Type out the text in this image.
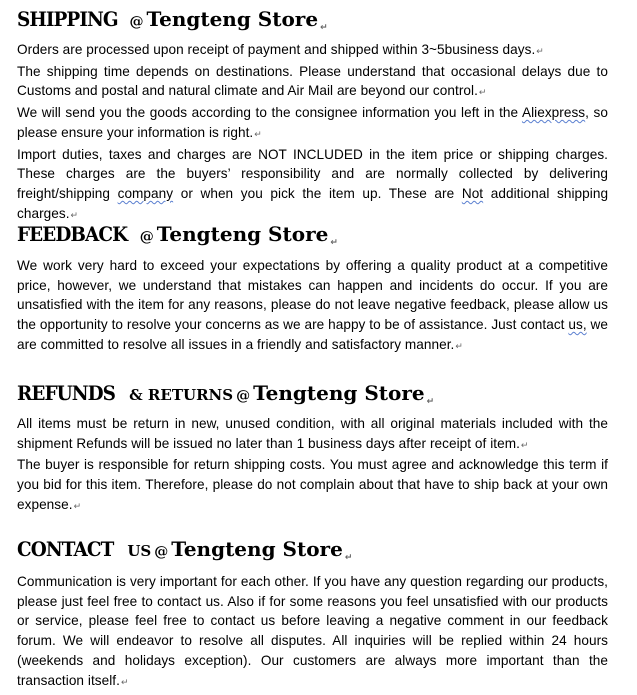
SHIPPING @ Tengteng Store $_↵$

Orders are processed upon receipt of payment and shipped within 3~5business days.↵

The shipping time depends on destinations. Please understand that occasional delays due to Customs and postal and natural climate and Air Mail are beyond our control.↵

We will send you the goods according to the consignee information you left in the Aliexpress, so please ensure your information is right.↵

Import duties, taxes and charges are NOT INCLUDED in the item price or shipping charges. These charges are the buyers’ responsibility and are normally collected by delivering freight/shipping company or when you pick the item up. These are Not additional shipping charges.↵

FEEDBACK @ Tengteng Store $_↵$

We work very hard to exceed your expectations by offering a quality product at a competitive price, however, we understand that mistakes can happen and incidents do occur. If you are unsatisfied with the item for any reasons, please do not leave negative feedback, please allow us the opportunity to resolve your concerns as we are happy to be of assistance. Just contact us, we are committed to resolve all issues in a friendly and satisfactory manner.↵

REFUNDS & RETURNS @ Tengteng Store $_↵$

All items must be return in new, unused condition, with all original materials included with the shipment Refunds will be issued no later than 1 business days after receipt of item.↵

The buyer is responsible for return shipping costs. You must agree and acknowledge this term if you bid for this item. Therefore, please do not complain about that have to ship back at your own expense.↵

CONTACT US @ Tengteng Store $_↵$

Communication is very important for each other. If you have any question regarding our products, please just feel free to contact us. Also if for some reasons you feel unsatisfied with our products or service, please feel free to contact us before leaving a negative comment in our feedback forum. We will endeavor to resolve all disputes. All inquiries will be replied within 24 hours (weekends and holidays exception). Our customers are always more important than the transaction itself.↵
